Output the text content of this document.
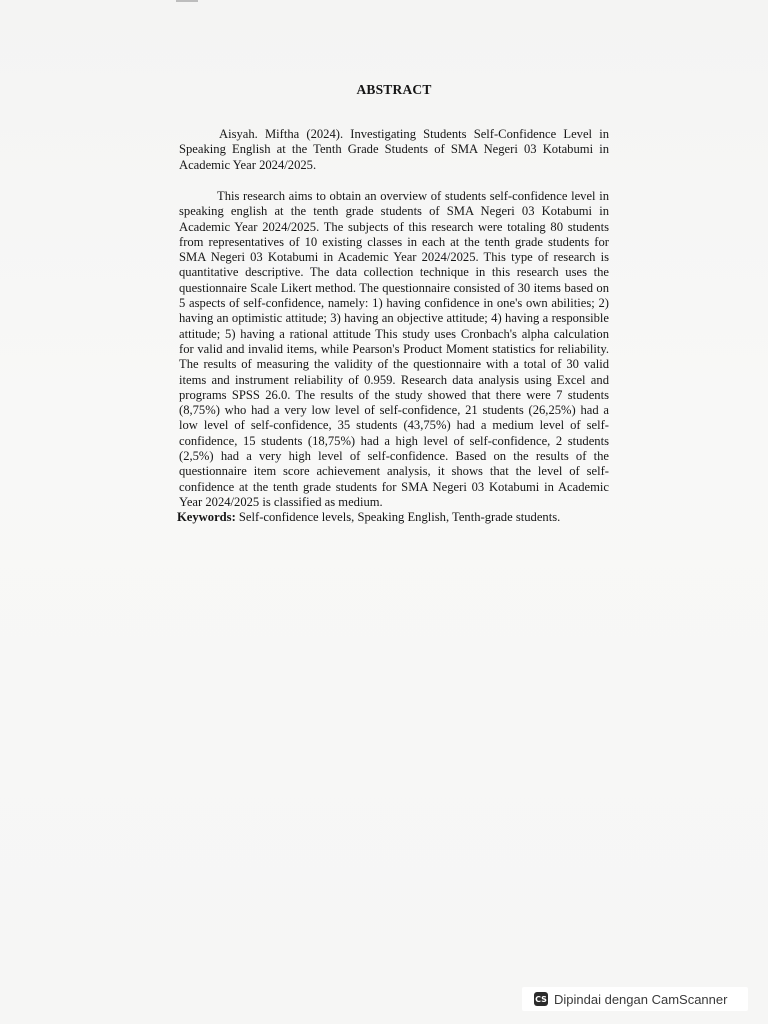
ABSTRACT
Aisyah. Miftha (2024). Investigating Students Self-Confidence Level in Speaking English at the Tenth Grade Students of SMA Negeri 03 Kotabumi in Academic Year 2024/2025.
This research aims to obtain an overview of students self-confidence level in speaking english at the tenth grade students of SMA Negeri 03 Kotabumi in Academic Year 2024/2025. The subjects of this research were totaling 80 students from representatives of 10 existing classes in each at the tenth grade students for SMA Negeri 03 Kotabumi in Academic Year 2024/2025. This type of research is quantitative descriptive. The data collection technique in this research uses the questionnaire Scale Likert method. The questionnaire consisted of 30 items based on 5 aspects of self-confidence, namely: 1) having confidence in one's own abilities; 2) having an optimistic attitude; 3) having an objective attitude; 4) having a responsible attitude; 5) having a rational attitude This study uses Cronbach's alpha calculation for valid and invalid items, while Pearson's Product Moment statistics for reliability. The results of measuring the validity of the questionnaire with a total of 30 valid items and instrument reliability of 0.959. Research data analysis using Excel and programs SPSS 26.0. The results of the study showed that there were 7 students (8,75%) who had a very low level of self-confidence, 21 students (26,25%) had a low level of self-confidence, 35 students (43,75%) had a medium level of self-confidence, 15 students (18,75%) had a high level of self-confidence, 2 students (2,5%) had a very high level of self-confidence. Based on the results of the questionnaire item score achievement analysis, it shows that the level of self-confidence at the tenth grade students for SMA Negeri 03 Kotabumi in Academic Year 2024/2025 is classified as medium.
Keywords: Self-confidence levels, Speaking English, Tenth-grade students.
CS Dipindai dengan CamScanner
